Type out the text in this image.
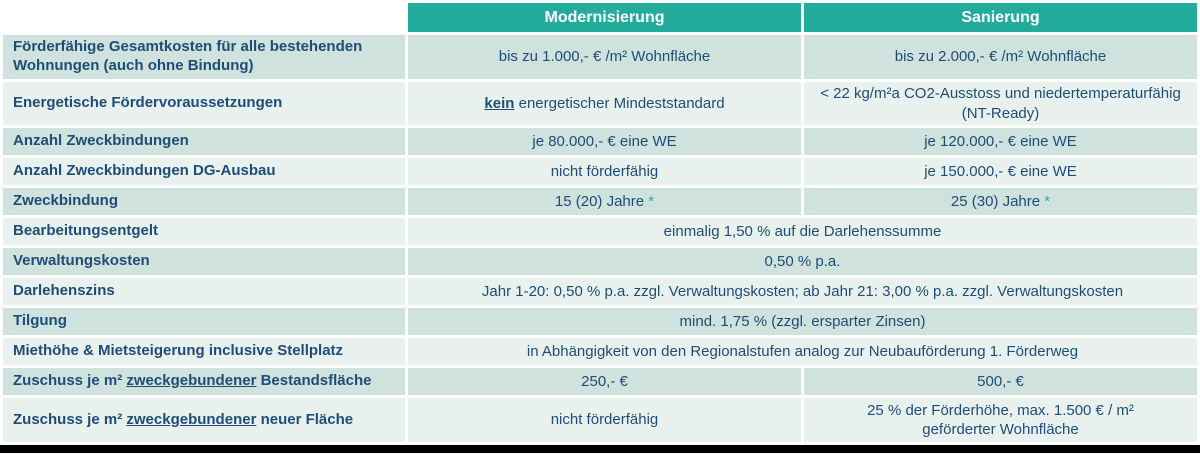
	Modernisierung	Sanierung
Förderfähige Gesamtkosten für alle bestehenden Wohnungen (auch ohne Bindung)	bis zu 1.000,- € /m² Wohnfläche	bis zu 2.000,- € /m² Wohnfläche
Energetische Fördervoraussetzungen	kein energetischer Mindeststandard	< 22 kg/m²a CO2-Ausstoss und niedertemperaturfähig (NT-Ready)
Anzahl Zweckbindungen	je 80.000,- € eine WE	je 120.000,- € eine WE
Anzahl Zweckbindungen DG-Ausbau	nicht förderfähig	je 150.000,- € eine WE
Zweckbindung	15 (20) Jahre *	25 (30) Jahre *
Bearbeitungsentgelt	einmalig 1,50 % auf die Darlehenssumme	
Verwaltungskosten	0,50 % p.a.	
Darlehenszins	Jahr 1-20: 0,50 % p.a. zzgl. Verwaltungskosten; ab Jahr 21: 3,00 % p.a. zzgl. Verwaltungskosten	
Tilgung	mind. 1,75 % (zzgl. ersparter Zinsen)	
Miethöhe & Mietsteigerung inclusive Stellplatz	in Abhängigkeit von den Regionalstufen analog zur Neubauförderung 1. Förderweg	
Zuschuss je m² zweckgebundener Bestandsfläche	250,- €	500,- €
Zuschuss je m² zweckgebundener neuer Fläche	nicht förderfähig	25 % der Förderhöhe, max. 1.500 € / m² geförderter Wohnfläche
